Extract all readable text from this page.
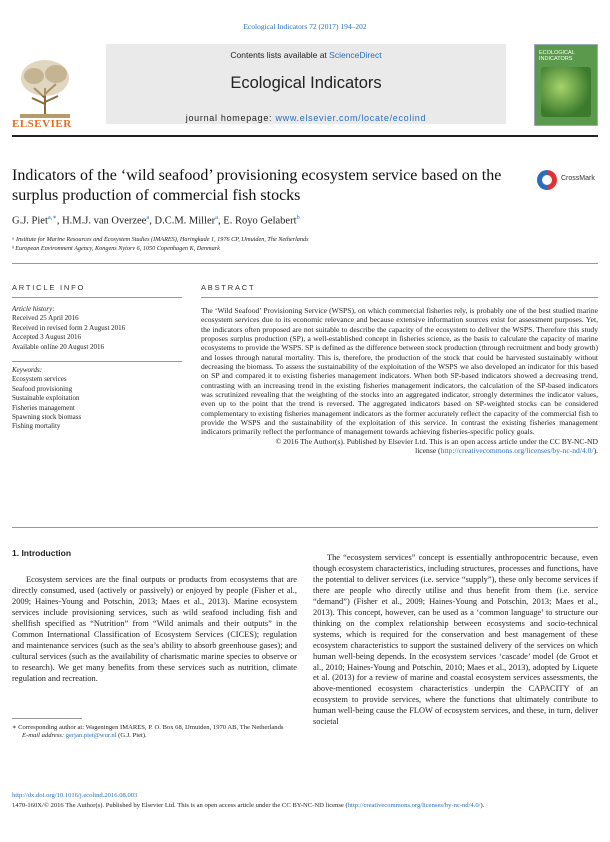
Ecological Indicators 72 (2017) 194–202
ELSEVIER
Contents lists available at ScienceDirect
Ecological Indicators
journal homepage: www.elsevier.com/locate/ecolind
ECOLOGICAL INDICATORS
Indicators of the ‘wild seafood’ provisioning ecosystem service based on the surplus production of commercial fish stocks
CrossMark
G.J. Piet$^{a,∗}$, H.M.J. van Overzee$^a$, D.C.M. Miller$^a$, E. Royo Gelabert$^b$
ᵃ Institute for Marine Resources and Ecosystem Studies (IMARES), Haringkade 1, 1976 CP, IJmuiden, The Netherlands
ᵇ European Environment Agency, Kongens Nytorv 6, 1050 Copenhagen K, Denmark
ARTICLE INFO
Article history:
Received 25 April 2016
Received in revised form 2 August 2016
Accepted 3 August 2016
Available online 20 August 2016
Keywords:
Ecosystem services
Seafood provisioning
Sustainable exploitation
Fisheries management
Spawning stock biomass
Fishing mortality
ABSTRACT
The ‘Wild Seafood’ Provisioning Service (WSPS), on which commercial fisheries rely, is probably one of the best studied marine ecosystem services due to its economic relevance and because extensive information sources exist for assessment purposes. Yet, the indicators often proposed are not suitable to describe the capacity of the ecosystem to deliver the WSPS. Therefore this study proposes surplus production (SP), a well-established concept in fisheries science, as the basis to calculate the capacity of marine ecosystems to provide the WSPS. SP is defined as the difference between stock production (through recruitment and body growth) and losses through natural mortality. This is, therefore, the production of the stock that could be harvested sustainably without decreasing the biomass. To assess the sustainability of the exploitation of the WSPS we also developed an indicator for this based on SP and compared it to existing fisheries management indicators. When both SP-based indicators showed a decreasing trend, contrasting with an increasing trend in the existing fisheries management indicators, the calculation of the SP-based indicators was scrutinized revealing that the weighting of the stocks into an aggregated indicator, strongly determines the indicator values, even up to the point that the trend is reversed. The aggregated indicators based on SP-weighted stocks can be considered complementary to existing fisheries management indicators as the former accurately reflect the capacity of the commercial fish to provide the WSPS and the sustainability of the exploitation of this service. In contrast the existing fisheries management indicators primarily reflect the performance of management towards achieving fisheries-specific policy goals.
© 2016 The Author(s). Published by Elsevier Ltd. This is an open access article under the CC BY-NC-ND
license (http://creativecommons.org/licenses/by-nc-nd/4.0/).
1. Introduction

Ecosystem services are the final outputs or products from ecosystems that are directly consumed, used (actively or passively) or enjoyed by people (Fisher et al., 2009; Haines-Young and Potschin, 2013; Maes et al., 2013). Marine ecosystem services include provisioning services, such as wild seafood including fish and shellfish specified as “Nutrition” from “Wild animals and their outputs” in the Common International Classification of Ecosystem Services (CICES); regulation and maintenance services (such as the sea’s ability to absorb greenhouse gases); and cultural services (such as the availability of charismatic marine species to observe or to research). We get many benefits from these services such as nutrition, climate regulation and recreation.

The “ecosystem services” concept is essentially anthropocentric because, even though ecosystem characteristics, including structures, processes and functions, have the potential to deliver services (i.e. service “supply”), these only become services if there are people who directly utilise and thus benefit from them (i.e. service “demand”) (Fisher et al., 2009; Haines-Young and Potschin, 2013; Maes et al., 2013). This concept, however, can be used as a ‘common language’ to structure our thinking on the complex relationship between ecosystems and socio-technical systems, which is required for the conservation and best management of these ecosystem characteristics to support the sustained delivery of the services on which human well-being depends. In the ecosystem services ‘cascade’ model (de Groot et al., 2010; Haines-Young and Potschin, 2010; Maes et al., 2013), adopted by Liquete et al. (2013) for a review of marine and coastal ecosystem services assessments, the above-mentioned ecosystem characteristics underpin the CAPACITY of an ecosystem to provide services, where the functions that ultimately contribute to human well-being cause the FLOW of ecosystem services, and these, in turn, deliver societal

∗ Corresponding author at: Wageningen IMARES, P. O. Box 68, IJmuiden, 1970 AB, The Netherlands
E-mail address: gerjan.piet@wur.nl (G.J. Piet).
http://dx.doi.org/10.1016/j.ecolind.2016.08.003
1470-160X/© 2016 The Author(s). Published by Elsevier Ltd. This is an open access article under the CC BY-NC-ND license (http://creativecommons.org/licenses/by-nc-nd/4.0/).
